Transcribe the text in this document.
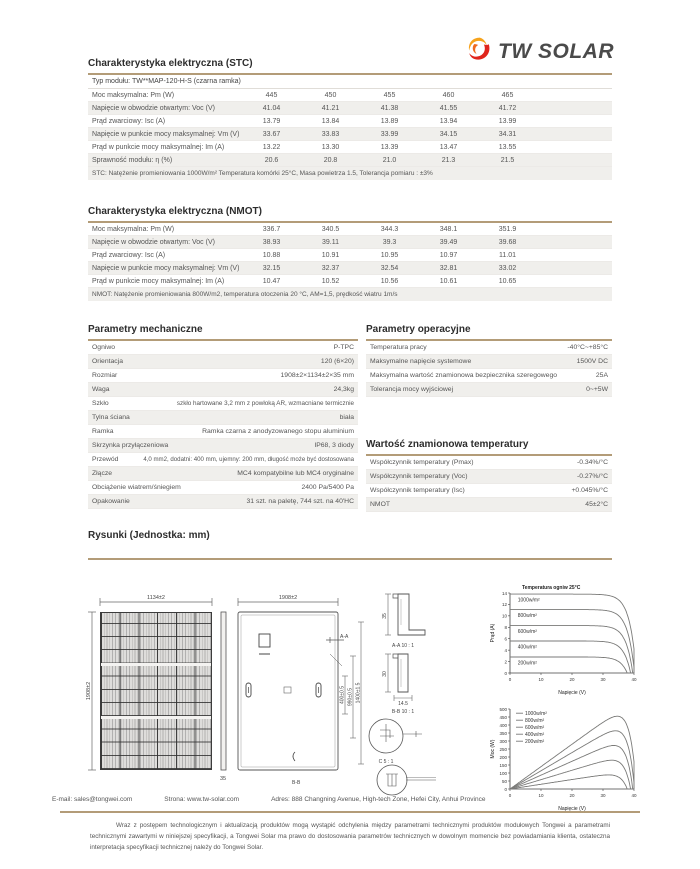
TW SOLAR
Charakterystyka elektryczna (STC)
Typ modułu: TW**MAP-120-H-S (czarna ramka)
Moc maksymalna: Pm (W)	445	450	455	460	465
Napięcie w obwodzie otwartym: Voc (V)	41.04	41.21	41.38	41.55	41.72
Prąd zwarciowy: Isc (A)	13.79	13.84	13.89	13.94	13.99
Napięcie w punkcie mocy maksymalnej: Vm (V)	33.67	33.83	33.99	34.15	34.31
Prąd w punkcie mocy maksymalnej: Im (A)	13.22	13.30	13.39	13.47	13.55
Sprawność modułu: η (%)	20.6	20.8	21.0	21.3	21.5
STC: Natężenie promieniowania 1000W/m² Temperatura komórki 25°C, Masa powietrza 1.5, Tolerancja pomiaru : ±3%
Charakterystyka elektryczna (NMOT)
Moc maksymalna: Pm (W)	336.7	340.5	344.3	348.1	351.9
Napięcie w obwodzie otwartym: Voc (V)	38.93	39.11	39.3	39.49	39.68
Prąd zwarciowy: Isc (A)	10.88	10.91	10.95	10.97	11.01
Napięcie w punkcie mocy maksymalnej: Vm (V)	32.15	32.37	32.54	32.81	33.02
Prąd w punkcie mocy maksymalnej: Im (A)	10.47	10.52	10.56	10.61	10.65
NMOT: Natężenie promieniowania 800W/m2, temperatura otoczenia 20 °C, AM=1,5, prędkość wiatru 1m/s
Parametry mechaniczne
Ogniwo	P-TPC
Orientacja	120 (6×20)
Rozmiar	1908±2×1134±2×35 mm
Waga	24,3kg
Szkło	szkło hartowane 3,2 mm z powłoką AR, wzmacniane termicznie
Tylna ściana	biała
Ramka	Ramka czarna z anodyzowanego stopu aluminium
Skrzynka przyłączeniowa	IP68, 3 diody
Przewód	4,0 mm2, dodatni: 400 mm, ujemny: 200 mm, długość może być dostosowana
Złącze	MC4 kompatybilne lub MC4 oryginalne
Obciążenie wiatrem/śniegiem	2400 Pa/5400 Pa
Opakowanie	31 szt. na paletę, 744 szt. na 40'HC
Parametry operacyjne
Temperatura pracy	-40°C~+85°C
Maksymalne napięcie systemowe	1500V DC
Maksymalna wartość znamionowa bezpiecznika szeregowego	25A
Tolerancja mocy wyjściowej	0~+5W
Wartość znamionowa temperatury
Współczynnik temperatury (Pmax)	-0.34%/°C
Współczynnik temperatury (Voc)	-0.27%/°C
Współczynnik temperatury (Isc)	+0.045%/°C
NMOT	45±2°C
Rysunki (Jednostka: mm)
1134±2
1908±2
35
1908±2
A-A
B-B
400±0.5 990±0.5 1400±1.5
35
A-A 10 : 1
30
14.5
B-B 10 : 1
C 5 : 1
0	10	20	30	40
0
2
4
6
8
10
12
14
Napięcie (V)
Prąd (A)
Temperatura ogniw 25°C
1000w/m²
800w/m²
600w/m²
400w/m²
200w/m²
0	10	20	30	40
0
50
100
150
200
250
300
350
400
450
500
Napięcie (V)
Moc (W)
1000w/m²
800w/m²
600w/m²
400w/m²
200w/m²
E-mail: sales@tongwei.com	Strona: www.tw-solar.com	Adres: 888 Changning Avenue, High-tech Zone, Hefei City, Anhui Province
Wraz z postępem technologicznym i aktualizacją produktów mogą wystąpić odchylenia między parametrami technicznymi produktów modułowych Tongwei a parametrami technicznymi zawartymi w niniejszej specyfikacji, a Tongwei Solar ma prawo do dostosowania parametrów technicznych w dowolnym momencie bez powiadamiania klienta, ostateczna interpretacja specyfikacji technicznej należy do Tongwei Solar.
